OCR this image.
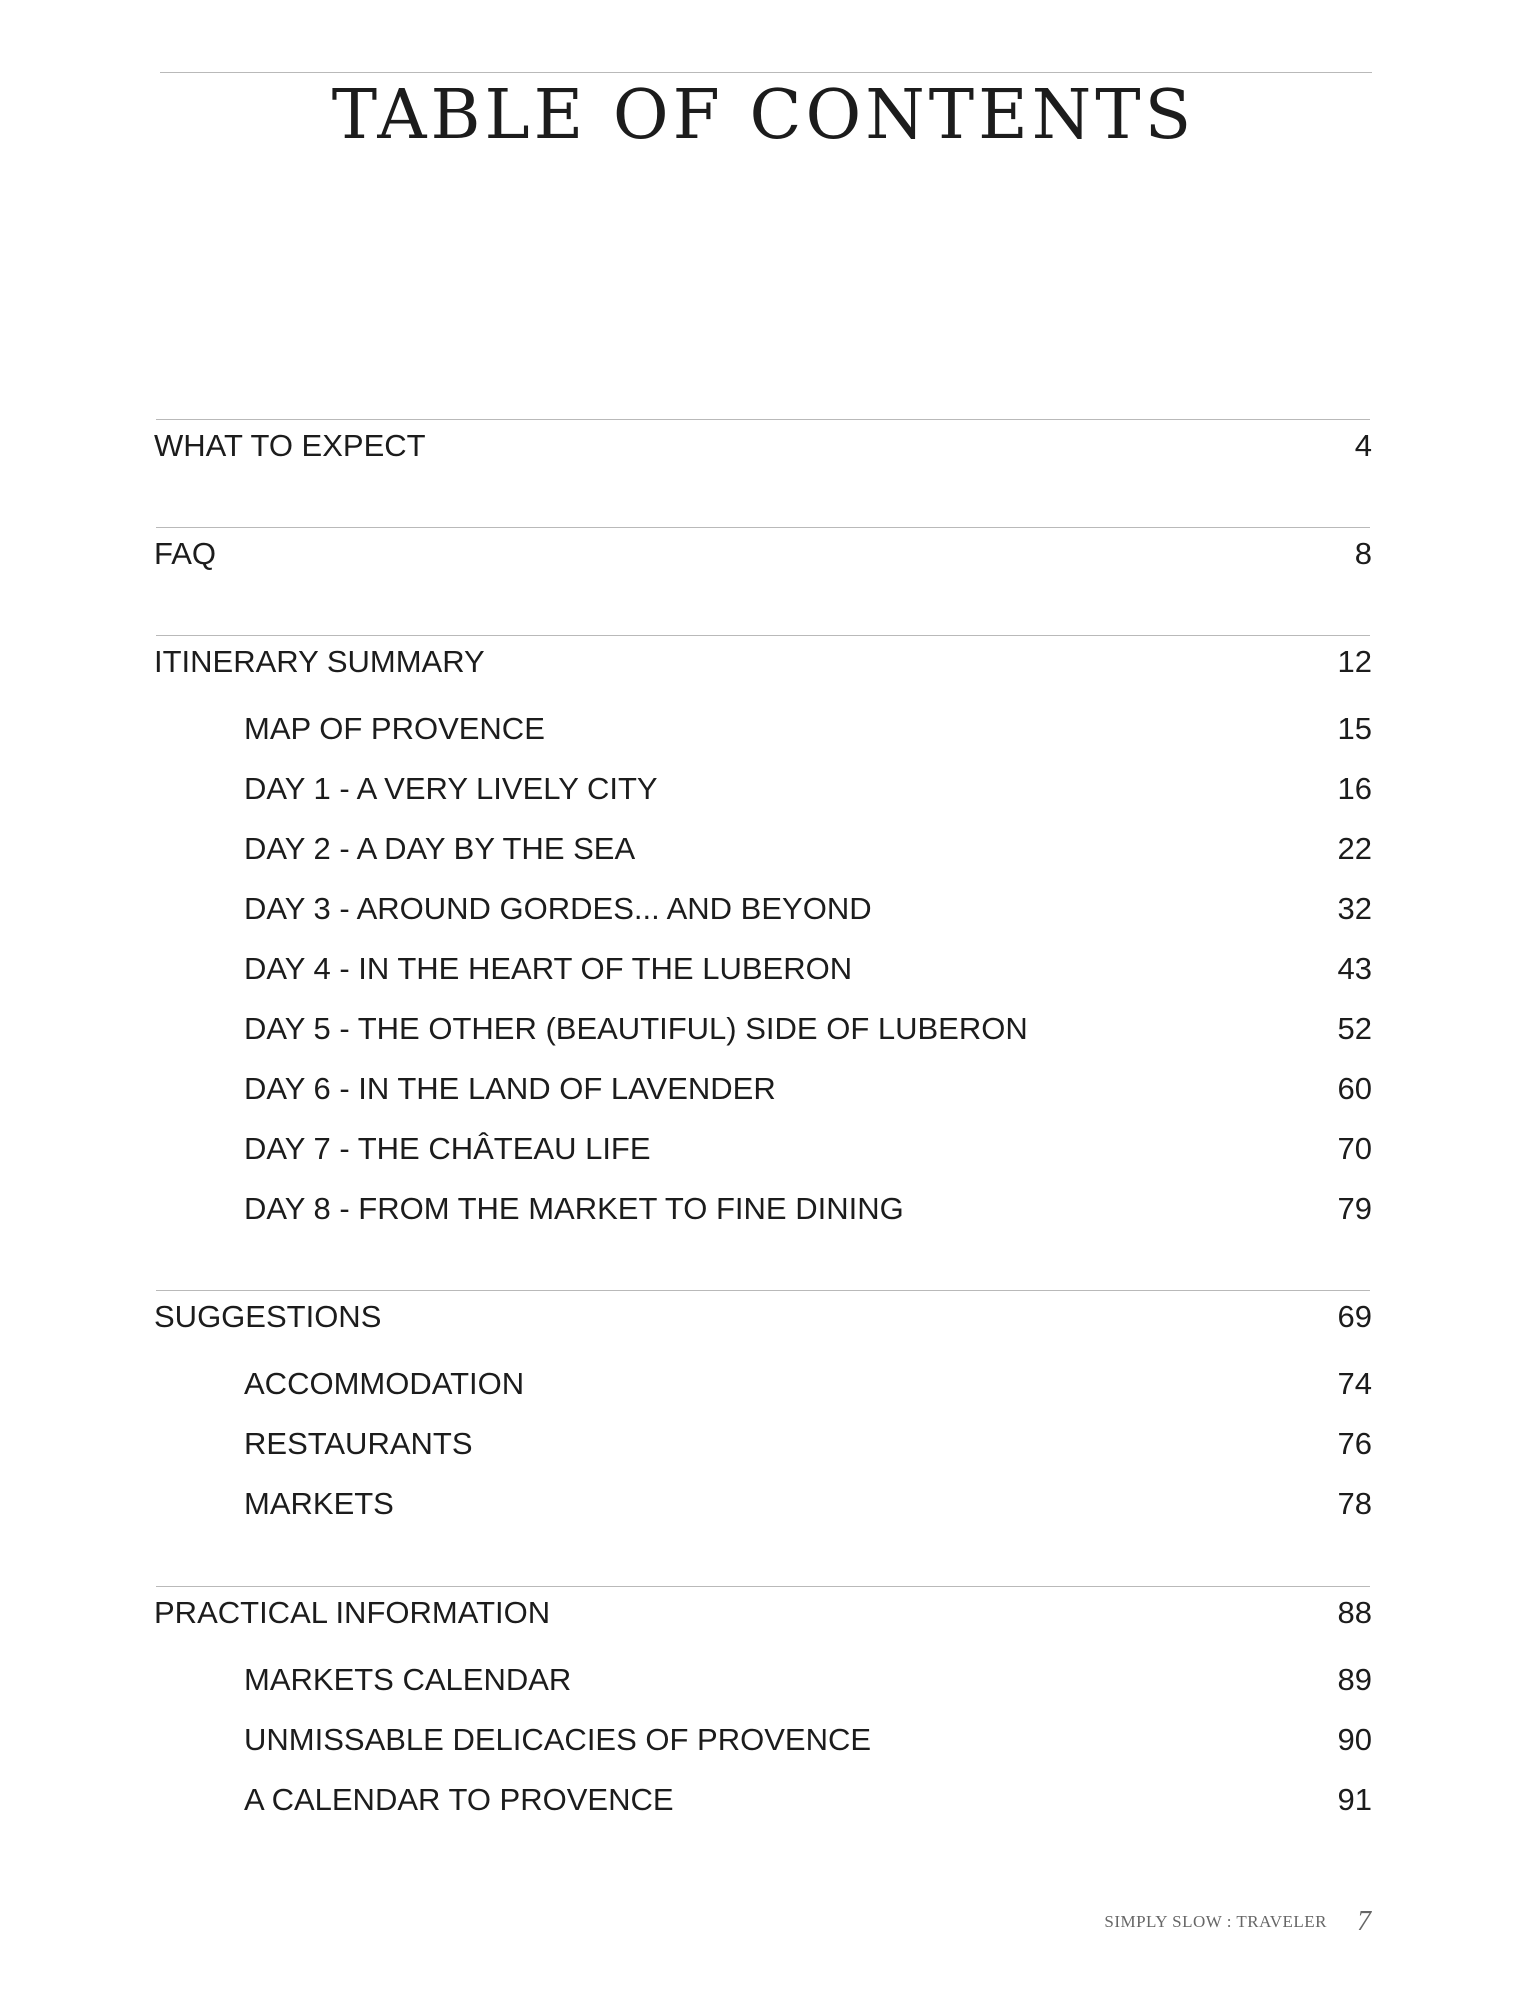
TABLE OF CONTENTS
WHAT TO EXPECT	4
FAQ	8
ITINERARY SUMMARY	12
MAP OF PROVENCE	15
DAY 1 - A VERY LIVELY CITY	16
DAY 2 - A DAY BY THE SEA	22
DAY 3 - AROUND GORDES... AND BEYOND	32
DAY 4 - IN THE HEART OF THE LUBERON	43
DAY 5 - THE OTHER (BEAUTIFUL) SIDE OF LUBERON	52
DAY 6 - IN THE LAND OF LAVENDER	60
DAY 7 - THE CHÂTEAU LIFE	70
DAY 8 - FROM THE MARKET TO FINE DINING	79
SUGGESTIONS	69
ACCOMMODATION	74
RESTAURANTS	76
MARKETS	78
PRACTICAL INFORMATION	88
MARKETS CALENDAR	89
UNMISSABLE DELICACIES OF PROVENCE	90
A CALENDAR TO PROVENCE	91
SIMPLY SLOW : TRAVELER 7
